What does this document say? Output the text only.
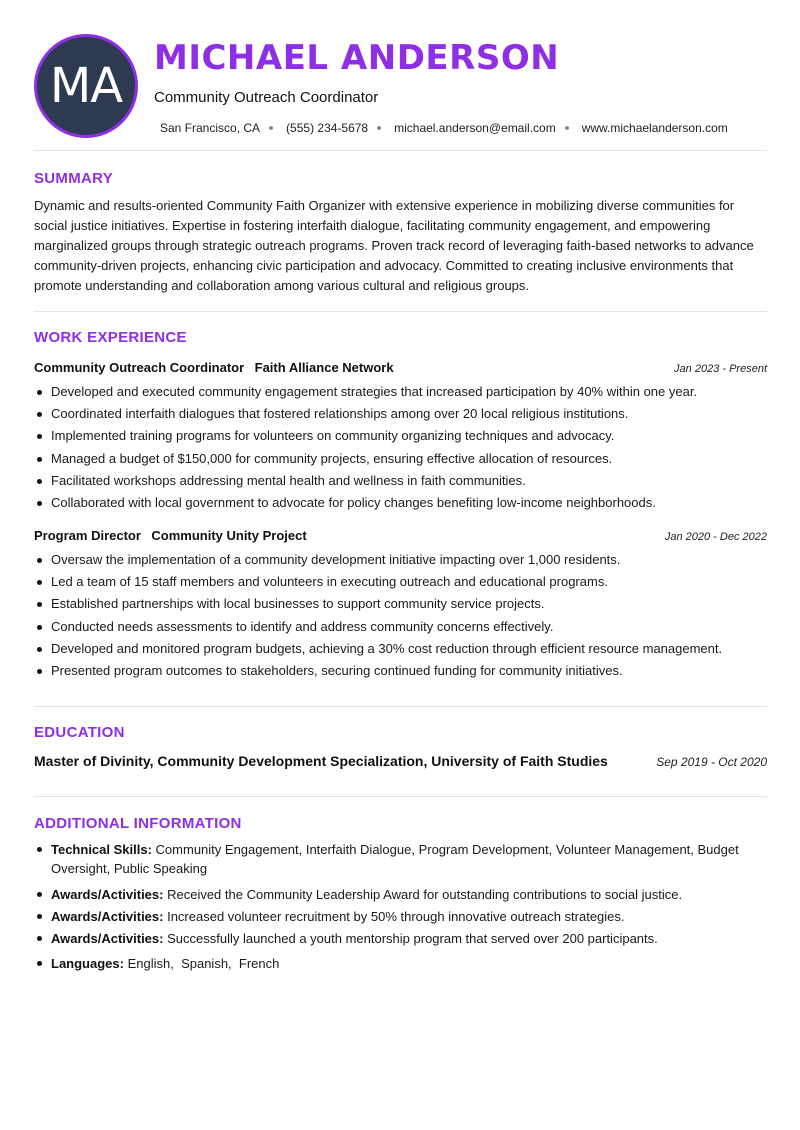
MA MICHAEL ANDERSON
Community Outreach Coordinator
San Francisco, CA (555) 234-5678 michael.anderson@email.com www.michaelanderson.com
SUMMARY
Dynamic and results-oriented Community Faith Organizer with extensive experience in mobilizing diverse communities for social justice initiatives. Expertise in fostering interfaith dialogue, facilitating community engagement, and empowering marginalized groups through strategic outreach programs. Proven track record of leveraging faith-based networks to advance community-driven projects, enhancing civic participation and advocacy. Committed to creating inclusive environments that promote understanding and collaboration among various cultural and religious groups.
WORK EXPERIENCE
Community Outreach Coordinator Faith Alliance Network	Jan 2023 - Present
Developed and executed community engagement strategies that increased participation by 40% within one year.
Coordinated interfaith dialogues that fostered relationships among over 20 local religious institutions.
Implemented training programs for volunteers on community organizing techniques and advocacy.
Managed a budget of $150,000 for community projects, ensuring effective allocation of resources.
Facilitated workshops addressing mental health and wellness in faith communities.
Collaborated with local government to advocate for policy changes benefiting low-income neighborhoods.
Program Director Community Unity Project	Jan 2020 - Dec 2022
Oversaw the implementation of a community development initiative impacting over 1,000 residents.
Led a team of 15 staff members and volunteers in executing outreach and educational programs.
Established partnerships with local businesses to support community service projects.
Conducted needs assessments to identify and address community concerns effectively.
Developed and monitored program budgets, achieving a 30% cost reduction through efficient resource management.
Presented program outcomes to stakeholders, securing continued funding for community initiatives.
EDUCATION
Master of Divinity, Community Development Specialization, University of Faith Studies	Sep 2019 - Oct 2020
ADDITIONAL INFORMATION
Technical Skills: Community Engagement, Interfaith Dialogue, Program Development, Volunteer Management, Budget Oversight, Public Speaking
Awards/Activities: Received the Community Leadership Award for outstanding contributions to social justice.
Awards/Activities: Increased volunteer recruitment by 50% through innovative outreach strategies.
Awards/Activities: Successfully launched a youth mentorship program that served over 200 participants.
Languages: English,  Spanish,  French
